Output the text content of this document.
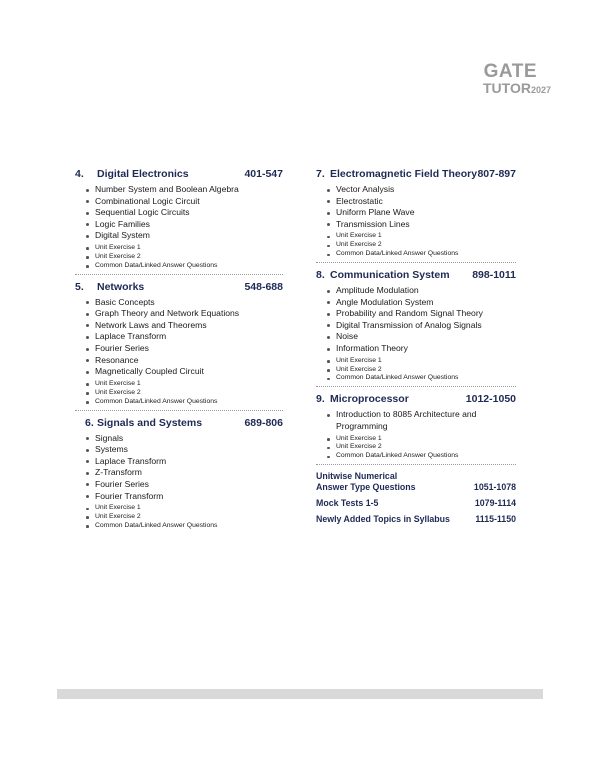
GATE
TUTOR2027
4.	Digital Electronics	401-547
Number System and Boolean Algebra
Combinational Logic Circuit
Sequential Logic Circuits
Logic Families
Digital System
Unit Exercise 1
Unit Exercise 2
Common Data/Linked Answer Questions
5.	Networks	548-688
Basic Concepts
Graph Theory and Network Equations
Network Laws and Theorems
Laplace Transform
Fourier Series
Resonance
Magnetically Coupled Circuit
Unit Exercise 1
Unit Exercise 2
Common Data/Linked Answer Questions
6. Signals and Systems	689-806
Signals
Systems
Laplace Transform
Z-Transform
Fourier Series
Fourier Transform
Unit Exercise 1
Unit Exercise 2
Common Data/Linked Answer Questions
7. Electromagnetic Field Theory 807-897
Vector Analysis
Electrostatic
Uniform Plane Wave
Transmission Lines
Unit Exercise 1
Unit Exercise 2
Common Data/Linked Answer Questions
8. Communication System	898-1011
Amplitude Modulation
Angle Modulation System
Probability and Random Signal Theory
Digital Transmission of Analog Signals
Noise
Information Theory
Unit Exercise 1
Unit Exercise 2
Common Data/Linked Answer Questions
9. Microprocessor	1012-1050
Introduction to 8085 Architecture and Programming
Unit Exercise 1
Unit Exercise 2
Common Data/Linked Answer Questions
Unitwise Numerical
Answer Type Questions	1051-1078
Mock Tests 1-5	1079-1114
Newly Added Topics in Syllabus	1115-1150
